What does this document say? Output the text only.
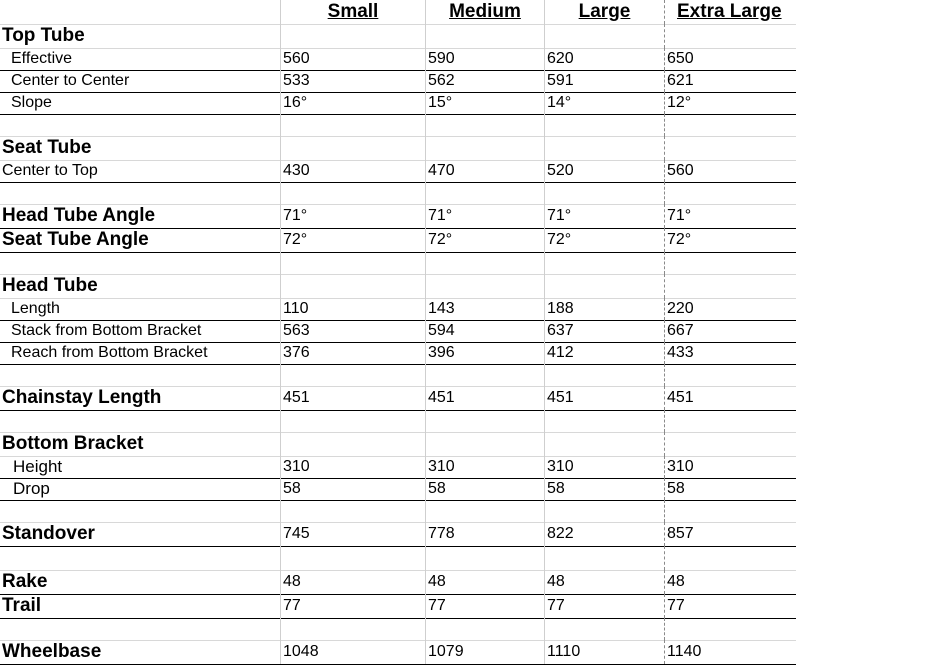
Small	Medium	Large	Extra Large
Top Tube
Effective	560	590	620	650
Center to Center	533	562	591	621
Slope	16°	15°	14°	12°
Seat Tube
Center to Top	430	470	520	560
Head Tube Angle	71°	71°	71°	71°
Seat Tube Angle	72°	72°	72°	72°
Head Tube
Length	110	143	188	220
Stack from Bottom Bracket	563	594	637	667
Reach from Bottom Bracket	376	396	412	433
Chainstay Length	451	451	451	451
Bottom Bracket
Height	310	310	310	310
Drop	58	58	58	58
Standover	745	778	822	857
Rake	48	48	48	48
Trail	77	77	77	77
Wheelbase	1048	1079	1110	1140
